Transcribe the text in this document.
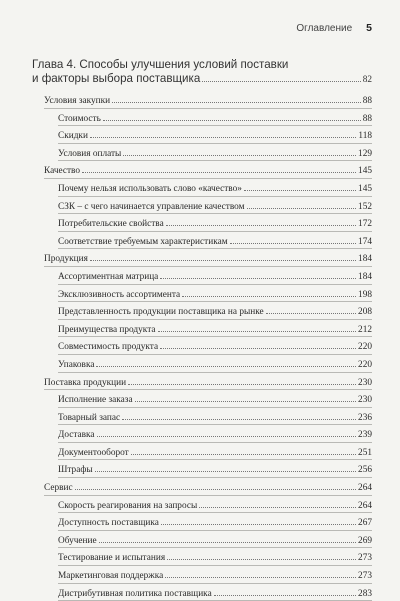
Оглавление 5
Глава 4. Способы улучшения условий поставки
и факторы выбора поставщика	82
Условия закупки	88
Стоимость	88
Скидки	118
Условия оплаты	129
Качество	145
Почему нельзя использовать слово «качество»	145
СЗК – с чего начинается управление качеством	152
Потребительские свойства	172
Соответствие требуемым характеристикам	174
Продукция	184
Ассортиментная матрица	184
Эксклюзивность ассортимента	198
Представленность продукции поставщика на рынке	208
Преимущества продукта	212
Совместимость продукта	220
Упаковка	220
Поставка продукции	230
Исполнение заказа	230
Товарный запас	236
Доставка	239
Документооборот	251
Штрафы	256
Сервис	264
Скорость реагирования на запросы	264
Доступность поставщика	267
Обучение	269
Тестирование и испытания	273
Маркетинговая поддержка	273
Дистрибутивная политика поставщика	283
